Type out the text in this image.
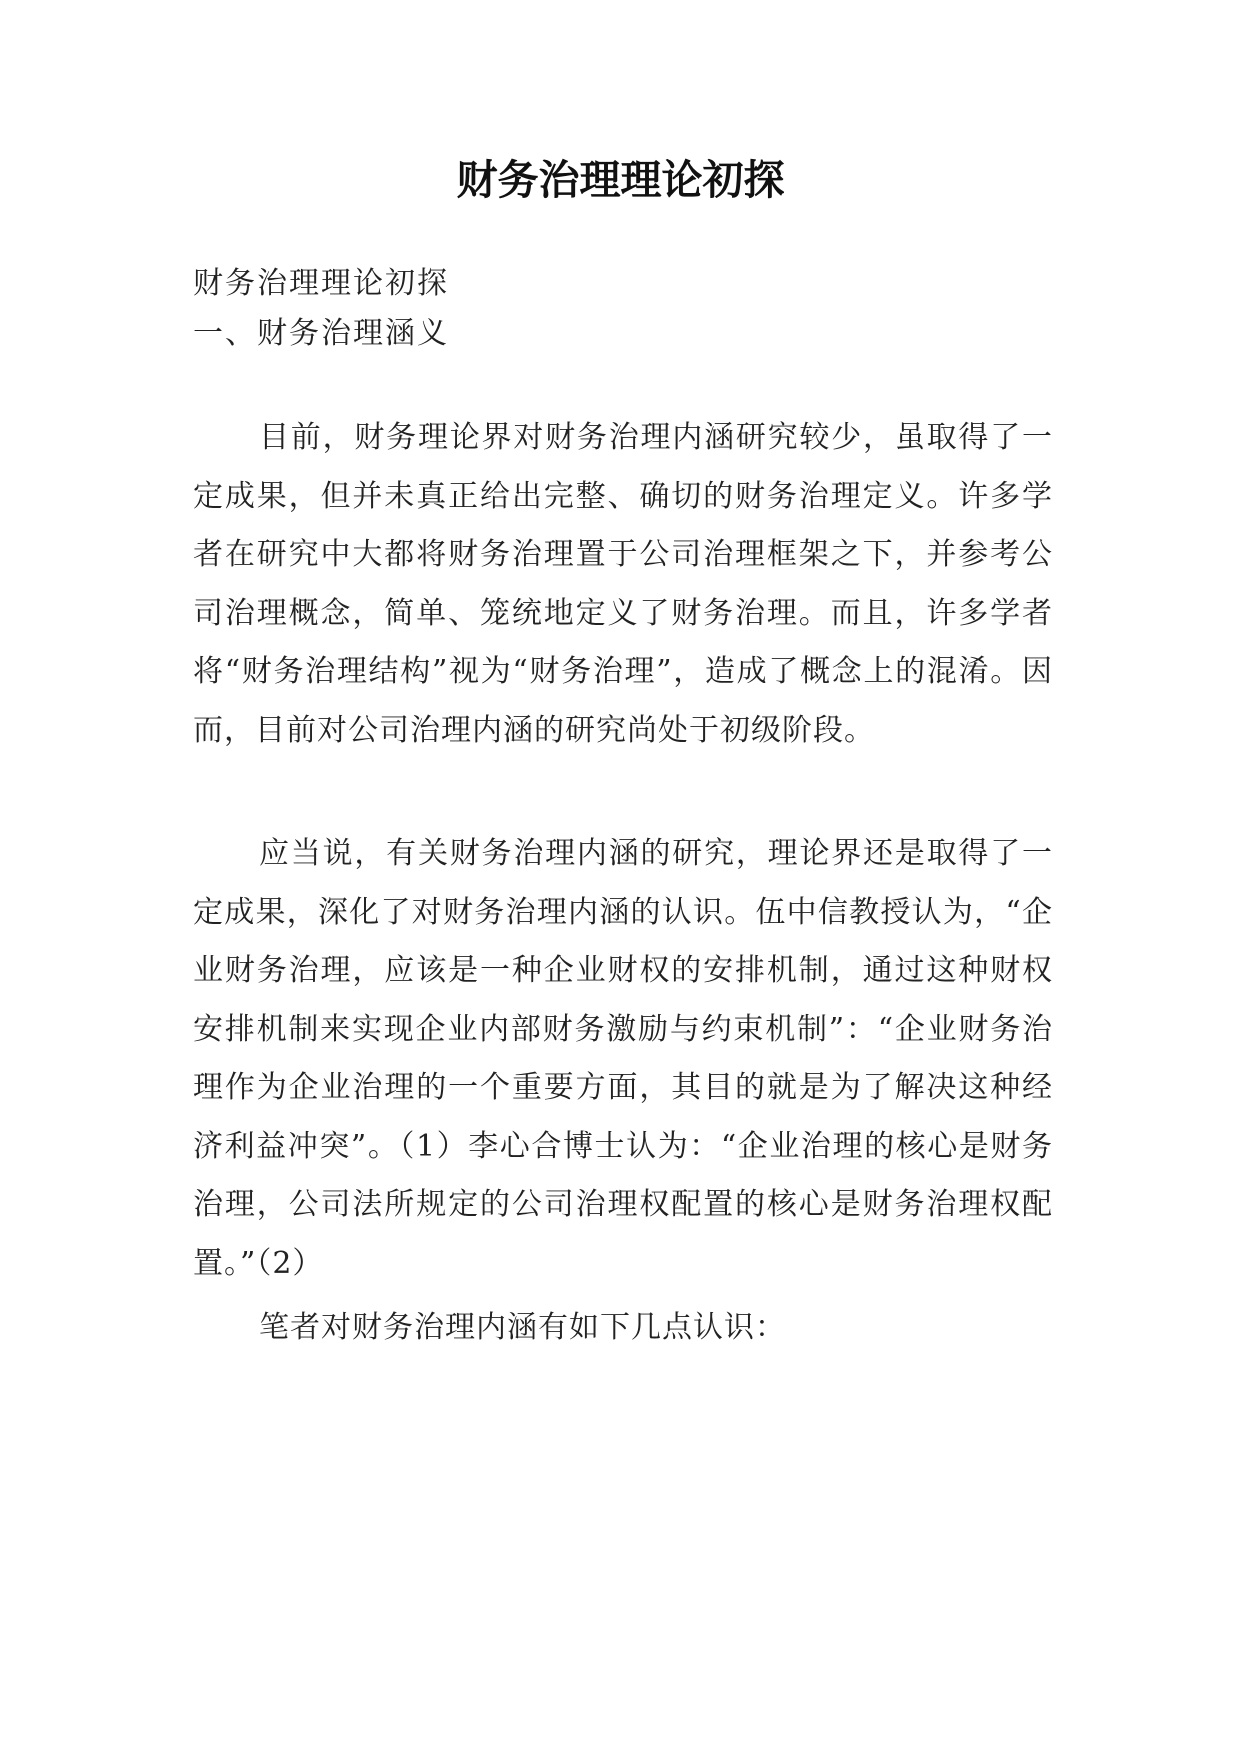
财务治理理论初探
财务治理理论初探
一、财务治理涵义

目前，财务理论界对财务治理内涵研究较少，虽取得了一定成果，但并未真正给出完整、确切的财务治理定义。许多学者在研究中大都将财务治理置于公司治理框架之下，并参考公司治理概念，简单、笼统地定义了财务治理。而且，许多学者将“财务治理结构”视为“财务治理”，造成了概念上的混淆。因而，目前对公司治理内涵的研究尚处于初级阶段。

应当说，有关财务治理内涵的研究，理论界还是取得了一定成果，深化了对财务治理内涵的认识。伍中信教授认为，“企业财务治理，应该是一种企业财权的安排机制，通过这种财权安排机制来实现企业内部财务激励与约束机制”：“企业财务治理作为企业治理的一个重要方面，其目的就是为了解决这种经济利益冲突”。（1）李心合博士认为：“企业治理的核心是财务治理，公司法所规定的公司治理权配置的核心是财务治理权配置。”（2）

笔者对财务治理内涵有如下几点认识：
